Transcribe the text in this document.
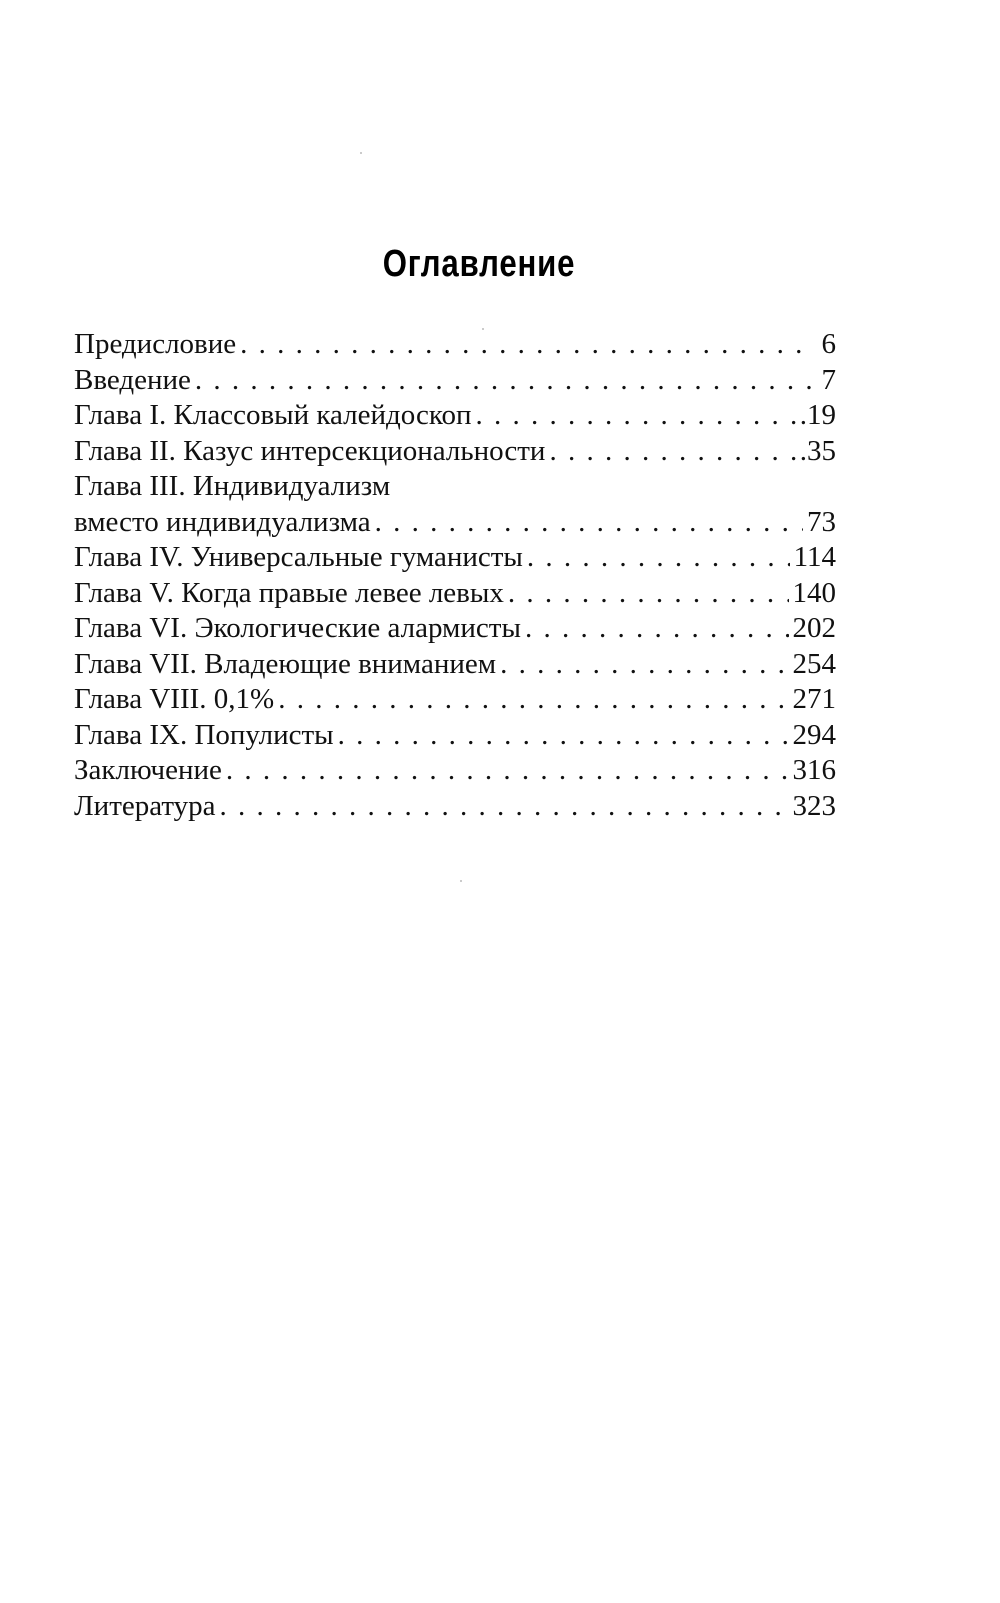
Оглавление
Предисловие . . .	6
Введение . . .	7
Глава I. Классовый калейдоскоп . . .	.19
Глава II. Казус интерсекциональности . . .	.35
Глава III. Индивидуализм
вместо индивидуализма . . .	73
Глава IV. Универсальные гуманисты . . .	114
Глава V. Когда правые левее левых . . .	140
Глава VI. Экологические алармисты . . .	202
Глава VII. Владеющие вниманием . . .	254
Глава VIII. 0,1% . . .	271
Глава IX. Популисты . . .	294
Заключение . . .	316
Литература . . .	323
